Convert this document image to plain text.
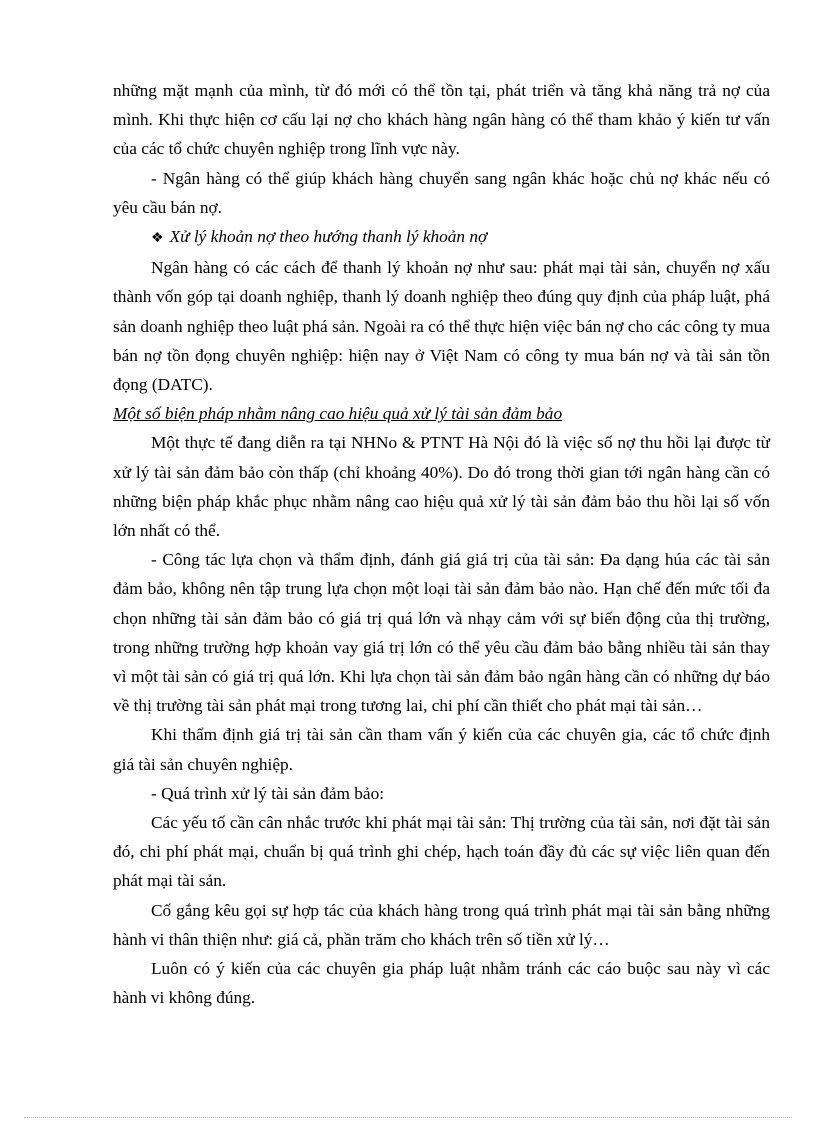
những mặt mạnh của mình, từ đó mới có thể tồn tại, phát triển và tăng khả năng trả nợ của mình. Khi thực hiện cơ cấu lại nợ cho khách hàng ngân hàng có thể tham khảo ý kiến tư vấn của các tổ chức chuyên nghiệp trong lĩnh vực này.

- Ngân hàng có thể giúp khách hàng chuyển sang ngân khác hoặc chủ nợ khác nếu có yêu cầu bán nợ.

❖ Xử lý khoản nợ theo hướng thanh lý khoản nợ

Ngân hàng có các cách để thanh lý khoản nợ như sau: phát mại tài sản, chuyển nợ xấu thành vốn góp tại doanh nghiệp, thanh lý doanh nghiệp theo đúng quy định của pháp luật, phá sản doanh nghiệp theo luật phá sản. Ngoài ra có thể thực hiện việc bán nợ cho các công ty mua bán nợ tồn đọng chuyên nghiệp: hiện nay ở Việt Nam có công ty mua bán nợ và tài sản tồn đọng (DATC).

Một số biện pháp nhằm nâng cao hiệu quả xử lý tài sản đảm bảo

Một thực tế đang diễn ra tại NHNo & PTNT Hà Nội đó là việc số nợ thu hồi lại được từ xử lý tài sản đảm bảo còn thấp (chỉ khoảng 40%). Do đó trong thời gian tới ngân hàng cần có những biện pháp khắc phục nhằm nâng cao hiệu quả xử lý tài sản đảm bảo thu hồi lại số vốn lớn nhất có thể.

- Công tác lựa chọn và thẩm định, đánh giá giá trị của tài sản: Đa dạng húa các tài sản đảm bảo, không nên tập trung lựa chọn một loại tài sản đảm bảo nào. Hạn chế đến mức tối đa chọn những tài sản đảm bảo có giá trị quá lớn và nhạy cảm với sự biến động của thị trường, trong những trường hợp khoản vay giá trị lớn có thể yêu cầu đảm bảo bằng nhiều tài sản thay vì một tài sản có giá trị quá lớn. Khi lựa chọn tài sản đảm bảo ngân hàng cần có những dự báo về thị trường tài sản phát mại trong tương lai, chi phí cần thiết cho phát mại tài sản…

Khi thẩm định giá trị tài sản cần tham vấn ý kiến của các chuyên gia, các tổ chức định giá tài sản chuyên nghiệp.

- Quá trình xử lý tài sản đảm bảo:

Các yếu tố cần cân nhắc trước khi phát mại tài sản: Thị trường của tài sản, nơi đặt tài sản đó, chi phí phát mại, chuẩn bị quá trình ghi chép, hạch toán đầy đủ các sự việc liên quan đến phát mại tài sản.

Cố gắng kêu gọi sự hợp tác của khách hàng trong quá trình phát mại tài sản bằng những hành vi thân thiện như: giá cả, phần trăm cho khách trên số tiền xử lý…

Luôn có ý kiến của các chuyên gia pháp luật nhằm tránh các cáo buộc sau này vì các hành vi không đúng.
